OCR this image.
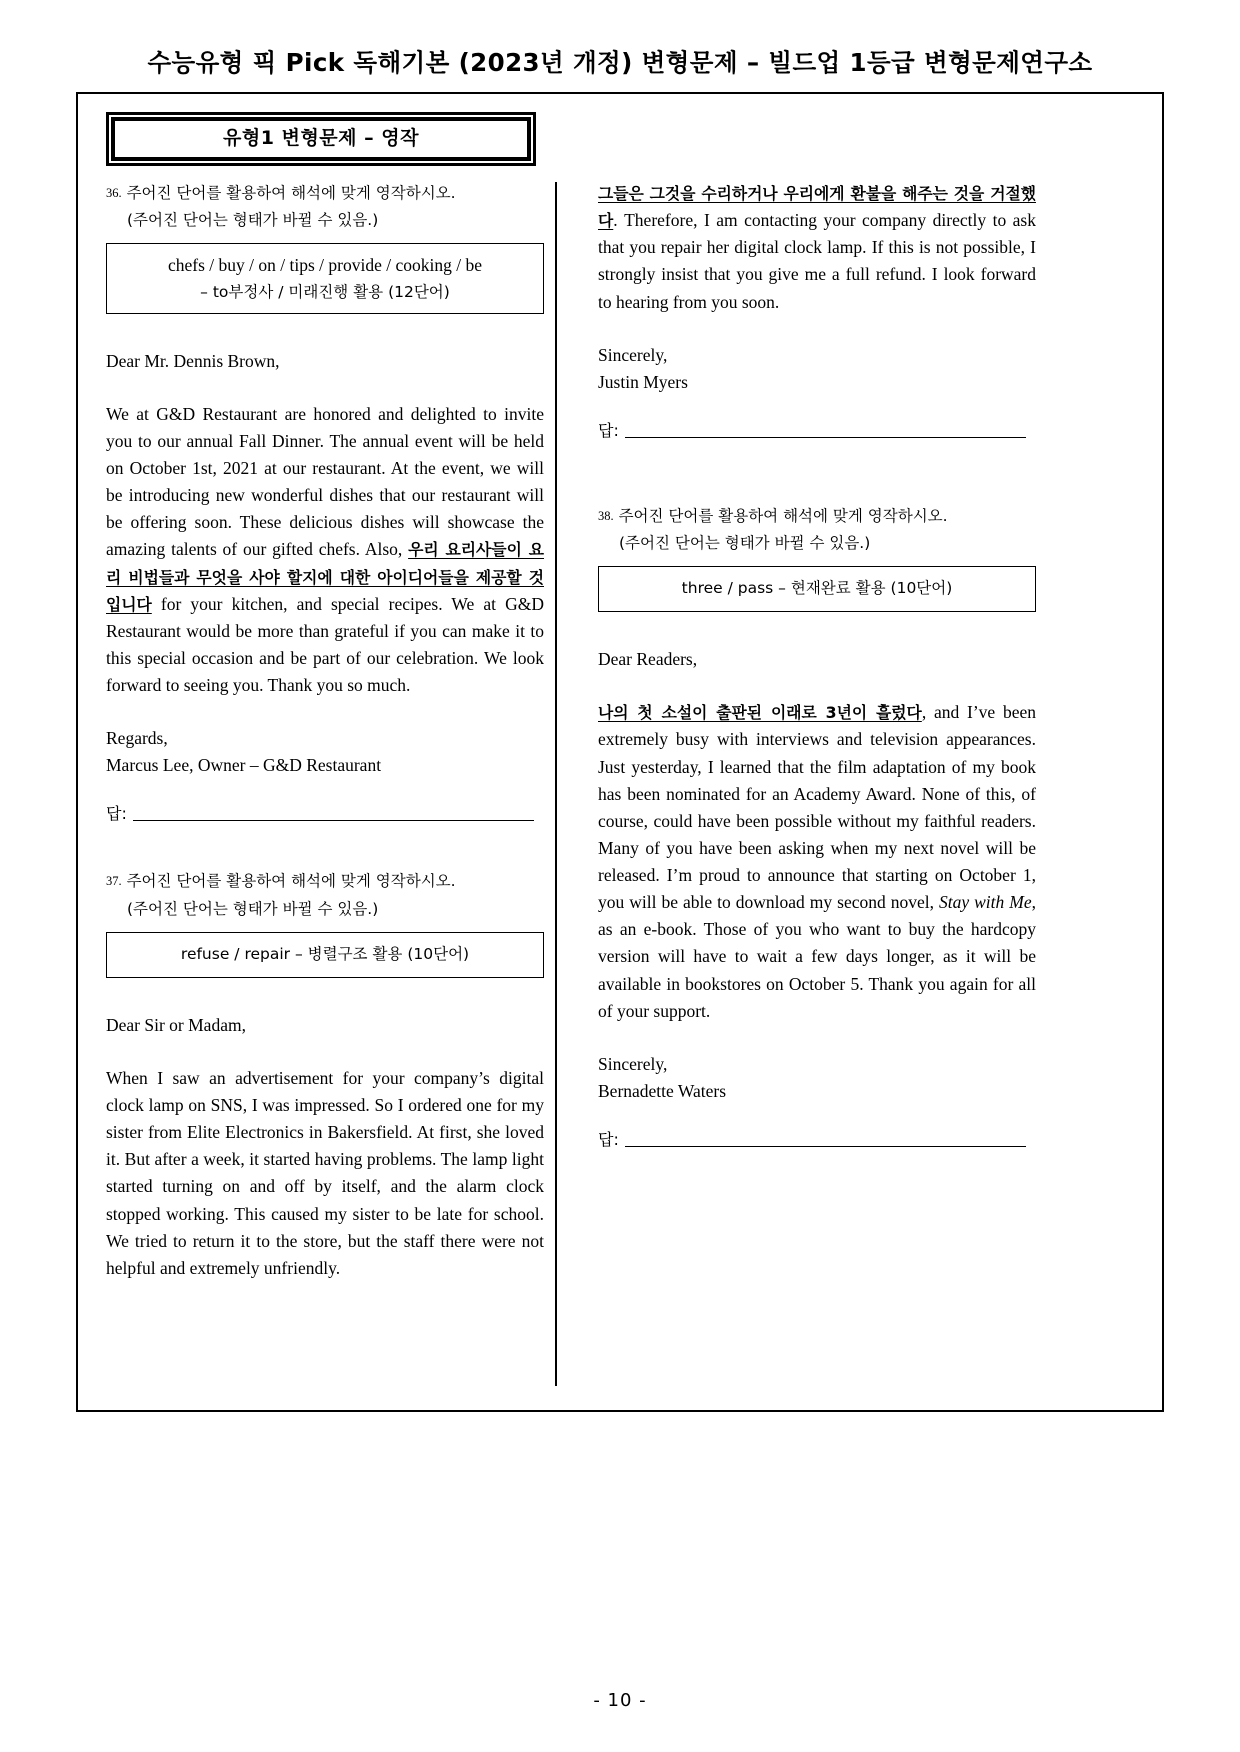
수능유형 픽 Pick 독해기본 (2023년 개정) 변형문제 – 빌드업 1등급 변형문제연구소
유형1 변형문제 – 영작
36. 주어진 단어를 활용하여 해석에 맞게 영작하시오.
(주어진 단어는 형태가 바뀔 수 있음.)
chefs / buy / on / tips / provide / cooking / be
– to부정사 / 미래진행 활용 (12단어)
Dear Mr. Dennis Brown,

We at G&D Restaurant are honored and delighted to invite you to our annual Fall Dinner. The annual event will be held on October 1st, 2021 at our restaurant. At the event, we will be introducing new wonderful dishes that our restaurant will be offering soon. These delicious dishes will showcase the amazing talents of our gifted chefs. Also, 우리 요리사들이 요리 비법들과 무엇을 사야 할지에 대한 아이디어들을 제공할 것입니다 for your kitchen, and special recipes. We at G&D Restaurant would be more than grateful if you can make it to this special occasion and be part of our celebration. We look forward to seeing you. Thank you so much.

Regards,
Marcus Lee, Owner – G&D Restaurant
답:
37. 주어진 단어를 활용하여 해석에 맞게 영작하시오.
(주어진 단어는 형태가 바뀔 수 있음.)
refuse / repair – 병렬구조 활용 (10단어)
Dear Sir or Madam,

When I saw an advertisement for your company’s digital clock lamp on SNS, I was impressed. So I ordered one for my sister from Elite Electronics in Bakersfield. At first, she loved it. But after a week, it started having problems. The lamp light started turning on and off by itself, and the alarm clock stopped working. This caused my sister to be late for school. We tried to return it to the store, but the staff there were not helpful and extremely unfriendly.

그들은 그것을 수리하거나 우리에게 환불을 해주는 것을 거절했다. Therefore, I am contacting your company directly to ask that you repair her digital clock lamp. If this is not possible, I strongly insist that you give me a full refund. I look forward to hearing from you soon.

Sincerely,
Justin Myers
답:
38. 주어진 단어를 활용하여 해석에 맞게 영작하시오.
(주어진 단어는 형태가 바뀔 수 있음.)
three / pass – 현재완료 활용 (10단어)
Dear Readers,

나의 첫 소설이 출판된 이래로 3년이 흘렀다, and I’ve been extremely busy with interviews and television appearances. Just yesterday, I learned that the film adaptation of my book has been nominated for an Academy Award. None of this, of course, could have been possible without my faithful readers. Many of you have been asking when my next novel will be released. I’m proud to announce that starting on October 1, you will be able to download my second novel, Stay with Me, as an e-book. Those of you who want to buy the hardcopy version will have to wait a few days longer, as it will be available in bookstores on October 5. Thank you again for all of your support.

Sincerely,
Bernadette Waters
답:
- 10 -
